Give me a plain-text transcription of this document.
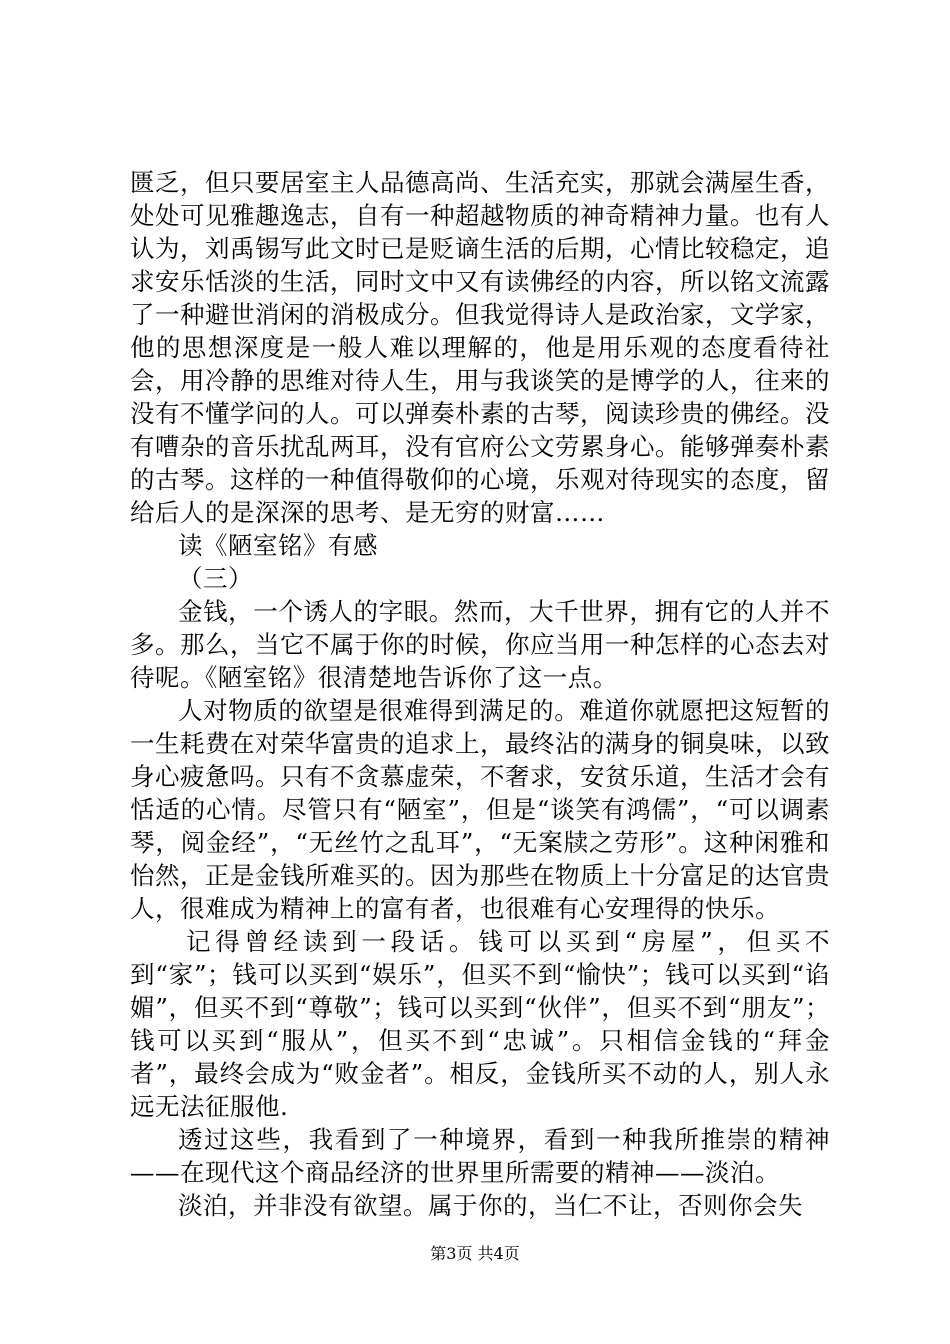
匮乏，但只要居室主人品德高尚、生活充实，那就会满屋生香，处处可见雅趣逸志，自有一种超越物质的神奇精神力量。也有人认为，刘禹锡写此文时已是贬谪生活的后期，心情比较稳定，追求安乐恬淡的生活，同时文中又有读佛经的内容，所以铭文流露了一种避世消闲的消极成分。但我觉得诗人是政治家，文学家，他的思想深度是一般人难以理解的，他是用乐观的态度看待社会，用冷静的思维对待人生，用与我谈笑的是博学的人，往来的没有不懂学问的人。可以弹奏朴素的古琴，阅读珍贵的佛经。没有嘈杂的音乐扰乱两耳，没有官府公文劳累身心。能够弹奏朴素的古琴。这样的一种值得敬仰的心境，乐观对待现实的态度，留给后人的是深深的思考、是无穷的财富……

读《陋室铭》有感

（三）

金钱，一个诱人的字眼。然而，大千世界，拥有它的人并不多。那么，当它不属于你的时候，你应当用一种怎样的心态去对待呢。《陋室铭》很清楚地告诉你了这一点。

人对物质的欲望是很难得到满足的。难道你就愿把这短暂的一生耗费在对荣华富贵的追求上，最终沾的满身的铜臭味，以致身心疲惫吗。只有不贪慕虚荣，不奢求，安贫乐道，生活才会有恬适的心情。尽管只有“陋室”，但是“谈笑有鸿儒”，“可以调素琴，阅金经”，“无丝竹之乱耳”，“无案牍之劳形”。这种闲雅和怡然，正是金钱所难买的。因为那些在物质上十分富足的达官贵人，很难成为精神上的富有者，也很难有心安理得的快乐。

记得曾经读到一段话。钱可以买到“房屋”，但买不到“家”；钱可以买到“娱乐”，但买不到“愉快”；钱可以买到“谄媚”，但买不到“尊敬”；钱可以买到“伙伴”，但买不到“朋友”；钱可以买到“服从”，但买不到“忠诚”。只相信金钱的“拜金者”，最终会成为“败金者”。相反，金钱所买不动的人，别人永远无法征服他.

透过这些，我看到了一种境界，看到一种我所推崇的精神——在现代这个商品经济的世界里所需要的精神——淡泊。

淡泊，并非没有欲望。属于你的，当仁不让，否则你会失

第3页 共4页
